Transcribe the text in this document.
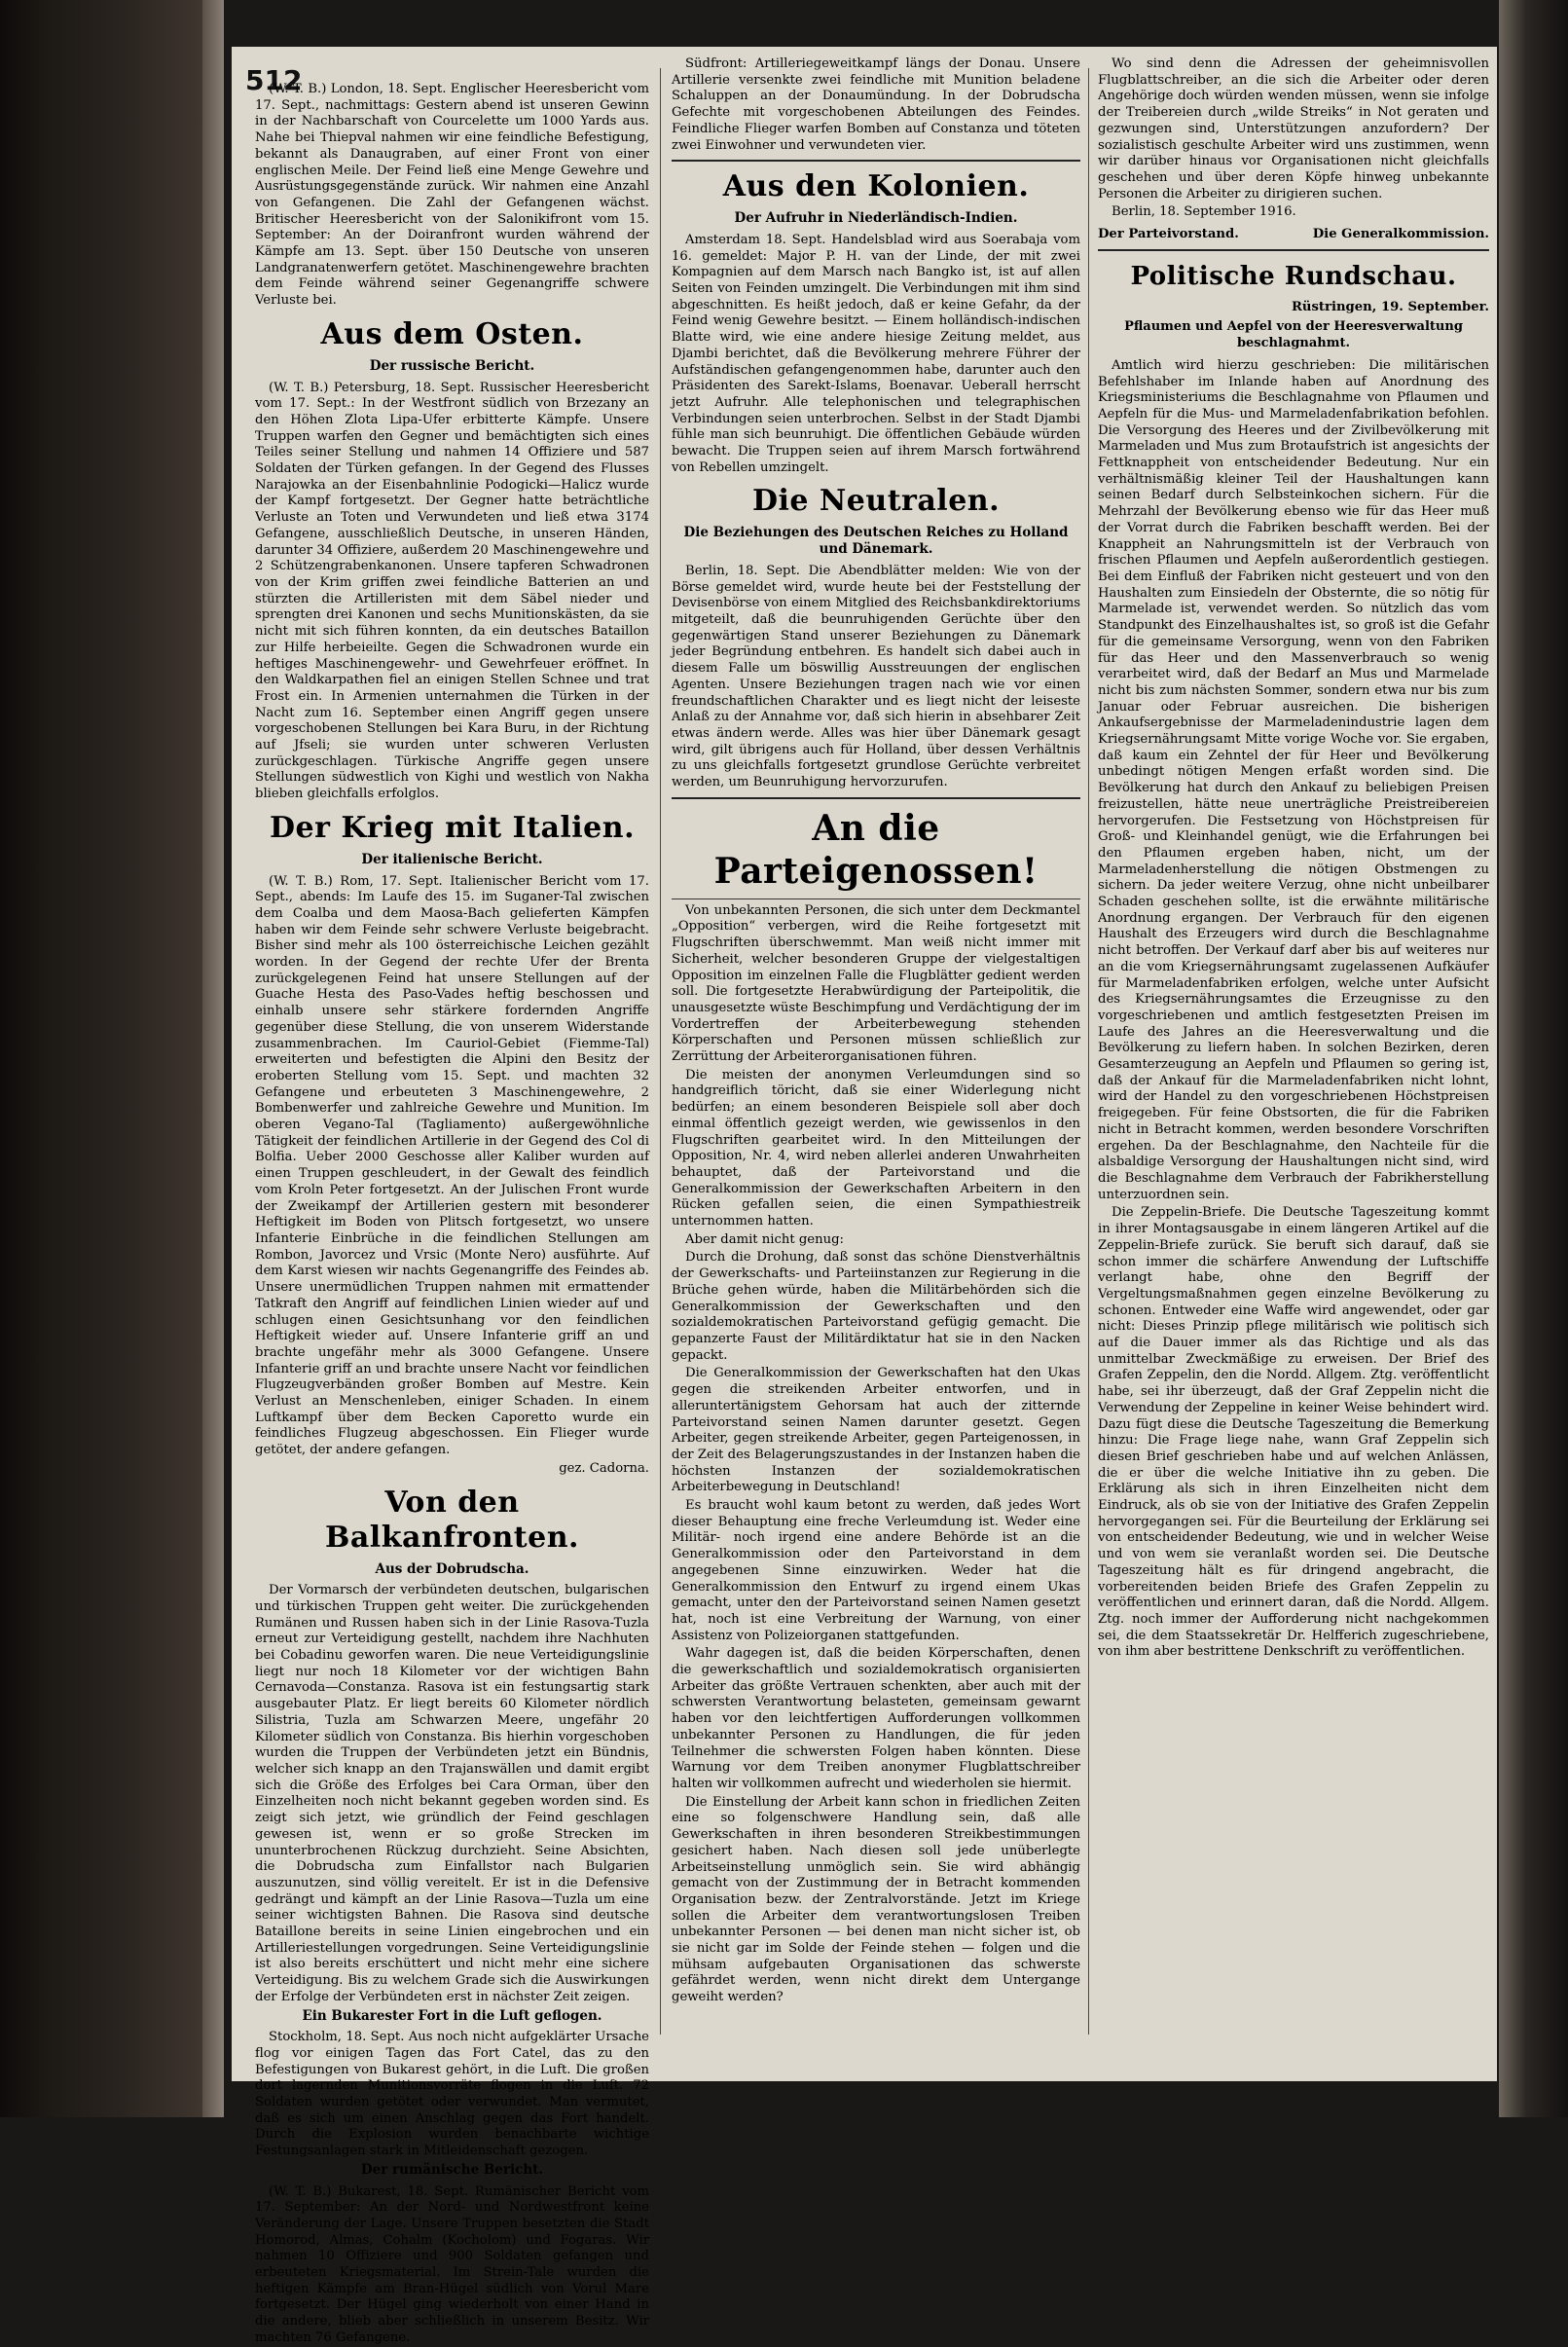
512

(W. T. B.) London, 18. Sept. Englischer Heeresbericht vom 17. Sept., nachmittags: Gestern abend ist unseren Gewinn in der Nachbarschaft von Courcelette um 1000 Yards aus. Nahe bei Thiepval nahmen wir eine feindliche Befestigung, bekannt als Danaugraben, auf einer Front von einer englischen Meile. Der Feind ließ eine Menge Gewehre und Ausrüstungsgegenstände zurück. Wir nahmen eine Anzahl von Gefangenen. Die Zahl der Gefangenen wächst. Britischer Heeresbericht von der Salonikifront vom 15. September: An der Doiranfront wurden während der Kämpfe am 13. Sept. über 150 Deutsche von unseren Landgranatenwerfern getötet. Maschinengewehre brachten dem Feinde während seiner Gegenangriffe schwere Verluste bei.

Aus dem Osten.
Der russische Bericht.

(W. T. B.) Petersburg, 18. Sept. Russischer Heeresbericht vom 17. Sept.: In der Westfront südlich von Brzezany an den Höhen Zlota Lipa-Ufer erbitterte Kämpfe. Unsere Truppen warfen den Gegner und bemächtigten sich eines Teiles seiner Stellung und nahmen 14 Offiziere und 587 Soldaten der Türken gefangen. In der Gegend des Flusses Narajowka an der Eisenbahnlinie Podogicki—Halicz wurde der Kampf fortgesetzt. Der Gegner hatte beträchtliche Verluste an Toten und Verwundeten und ließ etwa 3174 Gefangene, ausschließlich Deutsche, in unseren Händen, darunter 34 Offiziere, außerdem 20 Maschinengewehre und 2 Schützengrabenkanonen. Unsere tapferen Schwadronen von der Krim griffen zwei feindliche Batterien an und stürzten die Artilleristen mit dem Säbel nieder und sprengten drei Kanonen und sechs Munitionskästen, da sie nicht mit sich führen konnten, da ein deutsches Bataillon zur Hilfe herbeieilte. Gegen die Schwadronen wurde ein heftiges Maschinengewehr- und Gewehrfeuer eröffnet. In den Waldkarpathen fiel an einigen Stellen Schnee und trat Frost ein. In Armenien unternahmen die Türken in der Nacht zum 16. September einen Angriff gegen unsere vorgeschobenen Stellungen bei Kara Buru, in der Richtung auf Jfseli; sie wurden unter schweren Verlusten zurückgeschlagen. Türkische Angriffe gegen unsere Stellungen südwestlich von Kighi und westlich von Nakha blieben gleichfalls erfolglos.

Der Krieg mit Italien.
Der italienische Bericht.

(W. T. B.) Rom, 17. Sept. Italienischer Bericht vom 17. Sept., abends: Im Laufe des 15. im Suganer-Tal zwischen dem Coalba und dem Maosa-Bach gelieferten Kämpfen haben wir dem Feinde sehr schwere Verluste beigebracht. Bisher sind mehr als 100 österreichische Leichen gezählt worden. In der Gegend der rechte Ufer der Brenta zurückgelegenen Feind hat unsere Stellungen auf der Guache Hesta des Paso-Vades heftig beschossen und einhalb unsere sehr stärkere fordernden Angriffe gegenüber diese Stellung, die von unserem Widerstande zusammenbrachen. Im Cauriol-Gebiet (Fiemme-Tal) erweiterten und befestigten die Alpini den Besitz der eroberten Stellung vom 15. Sept. und machten 32 Gefangene und erbeuteten 3 Maschinengewehre, 2 Bombenwerfer und zahlreiche Gewehre und Munition. Im oberen Vegano-Tal (Tagliamento) außergewöhnliche Tätigkeit der feindlichen Artillerie in der Gegend des Col di Bolfia. Ueber 2000 Geschosse aller Kaliber wurden auf einen Truppen geschleudert, in der Gewalt des feindlich vom Kroln Peter fortgesetzt. An der Julischen Front wurde der Zweikampf der Artillerien gestern mit besonderer Heftigkeit im Boden von Plitsch fortgesetzt, wo unsere Infanterie Einbrüche in die feindlichen Stellungen am Rombon, Javorcez und Vrsic (Monte Nero) ausführte. Auf dem Karst wiesen wir nachts Gegenangriffe des Feindes ab. Unsere unermüdlichen Truppen nahmen mit ermattender Tatkraft den Angriff auf feindlichen Linien wieder auf und schlugen einen Gesichtsunhang vor den feindlichen Heftigkeit wieder auf. Unsere Infanterie griff an und brachte ungefähr mehr als 3000 Gefangene. Unsere Infanterie griff an und brachte unsere Nacht vor feindlichen Flugzeugverbänden großer Bomben auf Mestre. Kein Verlust an Menschenleben, einiger Schaden. In einem Luftkampf über dem Becken Caporetto wurde ein feindliches Flugzeug abgeschossen. Ein Flieger wurde getötet, der andere gefangen.

gez. Cadorna.
Von den Balkanfronten.
Aus der Dobrudscha.

Der Vormarsch der verbündeten deutschen, bulgarischen und türkischen Truppen geht weiter. Die zurückgehenden Rumänen und Russen haben sich in der Linie Rasova-Tuzla erneut zur Verteidigung gestellt, nachdem ihre Nachhuten bei Cobadinu geworfen waren. Die neue Verteidigungslinie liegt nur noch 18 Kilometer vor der wichtigen Bahn Cernavoda—Constanza. Rasova ist ein festungsartig stark ausgebauter Platz. Er liegt bereits 60 Kilometer nördlich Silistria, Tuzla am Schwarzen Meere, ungefähr 20 Kilometer südlich von Constanza. Bis hierhin vorgeschoben wurden die Truppen der Verbündeten jetzt ein Bündnis, welcher sich knapp an den Trajanswällen und damit ergibt sich die Größe des Erfolges bei Cara Orman, über den Einzelheiten noch nicht bekannt gegeben worden sind. Es zeigt sich jetzt, wie gründlich der Feind geschlagen gewesen ist, wenn er so große Strecken im ununterbrochenen Rückzug durchzieht. Seine Absichten, die Dobrudscha zum Einfallstor nach Bulgarien auszunutzen, sind völlig vereitelt. Er ist in die Defensive gedrängt und kämpft an der Linie Rasova—Tuzla um eine seiner wichtigsten Bahnen. Die Rasova sind deutsche Bataillone bereits in seine Linien eingebrochen und ein Artilleriestellungen vorgedrungen. Seine Verteidigungslinie ist also bereits erschüttert und nicht mehr eine sichere Verteidigung. Bis zu welchem Grade sich die Auswirkungen der Erfolge der Verbündeten erst in nächster Zeit zeigen.

Ein Bukarester Fort in die Luft geflogen.

Stockholm, 18. Sept. Aus noch nicht aufgeklärter Ursache flog vor einigen Tagen das Fort Catel, das zu den Befestigungen von Bukarest gehört, in die Luft. Die großen dort lagernden Munitionsvorräte flogen in die Luft. 72 Soldaten wurden getötet oder verwundet. Man vermutet, daß es sich um einen Anschlag gegen das Fort handelt. Durch die Explosion wurden benachbarte wichtige Festungsanlagen stark in Mitleidenschaft gezogen.

Der rumänische Bericht.

(W. T. B.) Bukarest, 18. Sept. Rumänischer Bericht vom 17. September: An der Nord- und Nordwestfront keine Veränderung der Lage. Unsere Truppen besetzten die Stadt Homorod, Almas, Cohalm (Kocholom) und Fogaras. Wir nahmen 10 Offiziere und 900 Soldaten gefangen und erbeuteten Kriegsmaterial. Im Strein-Tale wurden die heftigen Kämpfe am Bran-Hügel südlich von Vorul Mare fortgesetzt. Der Hügel ging wiederholt von einer Hand in die andere, blieb aber schließlich in unserem Besitz. Wir machten 76 Gefangene.

Südfront: Artilleriegeweitkampf längs der Donau. Unsere Artillerie versenkte zwei feindliche mit Munition beladene Schaluppen an der Donaumündung. In der Dobrudscha Gefechte mit vorgeschobenen Abteilungen des Feindes. Feindliche Flieger warfen Bomben auf Constanza und töteten zwei Einwohner und verwundeten vier.

Aus den Kolonien.
Der Aufruhr in Niederländisch-Indien.

Amsterdam 18. Sept. Handelsblad wird aus Soerabaja vom 16. gemeldet: Major P. H. van der Linde, der mit zwei Kompagnien auf dem Marsch nach Bangko ist, ist auf allen Seiten von Feinden umzingelt. Die Verbindungen mit ihm sind abgeschnitten. Es heißt jedoch, daß er keine Gefahr, da der Feind wenig Gewehre besitzt. — Einem holländisch-indischen Blatte wird, wie eine andere hiesige Zeitung meldet, aus Djambi berichtet, daß die Bevölkerung mehrere Führer der Aufständischen gefangengenommen habe, darunter auch den Präsidenten des Sarekt-Islams, Boenavar. Ueberall herrscht jetzt Aufruhr. Alle telephonischen und telegraphischen Verbindungen seien unterbrochen. Selbst in der Stadt Djambi fühle man sich beunruhigt. Die öffentlichen Gebäude würden bewacht. Die Truppen seien auf ihrem Marsch fortwährend von Rebellen umzingelt.

Die Neutralen.
Die Beziehungen des Deutschen Reiches zu Holland und Dänemark.

Berlin, 18. Sept. Die Abendblätter melden: Wie von der Börse gemeldet wird, wurde heute bei der Feststellung der Devisenbörse von einem Mitglied des Reichsbankdirektoriums mitgeteilt, daß die beunruhigenden Gerüchte über den gegenwärtigen Stand unserer Beziehungen zu Dänemark jeder Begründung entbehren. Es handelt sich dabei auch in diesem Falle um böswillig Ausstreuungen der englischen Agenten. Unsere Beziehungen tragen nach wie vor einen freundschaftlichen Charakter und es liegt nicht der leiseste Anlaß zu der Annahme vor, daß sich hierin in absehbarer Zeit etwas ändern werde. Alles was hier über Dänemark gesagt wird, gilt übrigens auch für Holland, über dessen Verhältnis zu uns gleichfalls fortgesetzt grundlose Gerüchte verbreitet werden, um Beunruhigung hervorzurufen.

An die Parteigenossen!

Von unbekannten Personen, die sich unter dem Deckmantel „Opposition“ verbergen, wird die Reihe fortgesetzt mit Flugschriften überschwemmt. Man weiß nicht immer mit Sicherheit, welcher besonderen Gruppe der vielgestaltigen Opposition im einzelnen Falle die Flugblätter gedient werden soll. Die fortgesetzte Herabwürdigung der Parteipolitik, die unausgesetzte wüste Beschimpfung und Verdächtigung der im Vordertreffen der Arbeiterbewegung stehenden Körperschaften und Personen müssen schließlich zur Zerrüttung der Arbeiterorganisationen führen.

Die meisten der anonymen Verleumdungen sind so handgreiflich töricht, daß sie einer Widerlegung nicht bedürfen; an einem besonderen Beispiele soll aber doch einmal öffentlich gezeigt werden, wie gewissenlos in den Flugschriften gearbeitet wird. In den Mitteilungen der Opposition, Nr. 4, wird neben allerlei anderen Unwahrheiten behauptet, daß der Parteivorstand und die Generalkommission der Gewerkschaften Arbeitern in den Rücken gefallen seien, die einen Sympathiestreik unternommen hatten.

Aber damit nicht genug:

Durch die Drohung, daß sonst das schöne Dienstverhältnis der Gewerkschafts- und Parteiinstanzen zur Regierung in die Brüche gehen würde, haben die Militärbehörden sich die Generalkommission der Gewerkschaften und den sozialdemokratischen Parteivorstand gefügig gemacht. Die gepanzerte Faust der Militärdiktatur hat sie in den Nacken gepackt.

Die Generalkommission der Gewerkschaften hat den Ukas gegen die streikenden Arbeiter entworfen, und in alleruntertänigstem Gehorsam hat auch der zitternde Parteivorstand seinen Namen darunter gesetzt. Gegen Arbeiter, gegen streikende Arbeiter, gegen Parteigenossen, in der Zeit des Belagerungszustandes in der Instanzen haben die höchsten Instanzen der sozialdemokratischen Arbeiterbewegung in Deutschland!

Es braucht wohl kaum betont zu werden, daß jedes Wort dieser Behauptung eine freche Verleumdung ist. Weder eine Militär- noch irgend eine andere Behörde ist an die Generalkommission oder den Parteivorstand in dem angegebenen Sinne einzuwirken. Weder hat die Generalkommission den Entwurf zu irgend einem Ukas gemacht, unter den der Parteivorstand seinen Namen gesetzt hat, noch ist eine Verbreitung der Warnung, von einer Assistenz von Polizeiorganen stattgefunden.

Wahr dagegen ist, daß die beiden Körperschaften, denen die gewerkschaftlich und sozialdemokratisch organisierten Arbeiter das größte Vertrauen schenkten, aber auch mit der schwersten Verantwortung belasteten, gemeinsam gewarnt haben vor den leichtfertigen Aufforderungen vollkommen unbekannter Personen zu Handlungen, die für jeden Teilnehmer die schwersten Folgen haben könnten. Diese Warnung vor dem Treiben anonymer Flugblattschreiber halten wir vollkommen aufrecht und wiederholen sie hiermit.

Die Einstellung der Arbeit kann schon in friedlichen Zeiten eine so folgenschwere Handlung sein, daß alle Gewerkschaften in ihren besonderen Streikbestimmungen gesichert haben. Nach diesen soll jede unüberlegte Arbeitseinstellung unmöglich sein. Sie wird abhängig gemacht von der Zustimmung der in Betracht kommenden Organisation bezw. der Zentralvorstände. Jetzt im Kriege sollen die Arbeiter dem verantwortungslosen Treiben unbekannter Personen — bei denen man nicht sicher ist, ob sie nicht gar im Solde der Feinde stehen — folgen und die mühsam aufgebauten Organisationen das schwerste gefährdet werden, wenn nicht direkt dem Untergange geweiht werden?

Wo sind denn die Adressen der geheimnisvollen Flugblattschreiber, an die sich die Arbeiter oder deren Angehörige doch würden wenden müssen, wenn sie infolge der Treibereien durch „wilde Streiks“ in Not geraten und gezwungen sind, Unterstützungen anzufordern? Der sozialistisch geschulte Arbeiter wird uns zustimmen, wenn wir darüber hinaus vor Organisationen nicht gleichfalls geschehen und über deren Köpfe hinweg unbekannte Personen die Arbeiter zu dirigieren suchen.

Berlin, 18. September 1916.

Der Parteivorstand.	Die Generalkommission.
Politische Rundschau.
Rüstringen, 19. September.
Pflaumen und Aepfel von der Heeresverwaltung beschlagnahmt.

Amtlich wird hierzu geschrieben: Die militärischen Befehlshaber im Inlande haben auf Anordnung des Kriegsministeriums die Beschlagnahme von Pflaumen und Aepfeln für die Mus- und Marmeladenfabrikation befohlen. Die Versorgung des Heeres und der Zivilbevölkerung mit Marmeladen und Mus zum Brotaufstrich ist angesichts der Fettknappheit von entscheidender Bedeutung. Nur ein verhältnismäßig kleiner Teil der Haushaltungen kann seinen Bedarf durch Selbsteinkochen sichern. Für die Mehrzahl der Bevölkerung ebenso wie für das Heer muß der Vorrat durch die Fabriken beschafft werden. Bei der Knappheit an Nahrungsmitteln ist der Verbrauch von frischen Pflaumen und Aepfeln außerordentlich gestiegen. Bei dem Einfluß der Fabriken nicht gesteuert und von den Haushalten zum Einsiedeln der Obsternte, die so nötig für Marmelade ist, verwendet werden. So nützlich das vom Standpunkt des Einzelhaushaltes ist, so groß ist die Gefahr für die gemeinsame Versorgung, wenn von den Fabriken für das Heer und den Massenverbrauch so wenig verarbeitet wird, daß der Bedarf an Mus und Marmelade nicht bis zum nächsten Sommer, sondern etwa nur bis zum Januar oder Februar ausreichen. Die bisherigen Ankaufsergebnisse der Marmeladenindustrie lagen dem Kriegsernährungsamt Mitte vorige Woche vor. Sie ergaben, daß kaum ein Zehntel der für Heer und Bevölkerung unbedingt nötigen Mengen erfaßt worden sind. Die Bevölkerung hat durch den Ankauf zu beliebigen Preisen freizustellen, hätte neue unerträgliche Preistreibereien hervorgerufen. Die Festsetzung von Höchstpreisen für Groß- und Kleinhandel genügt, wie die Erfahrungen bei den Pflaumen ergeben haben, nicht, um der Marmeladenherstellung die nötigen Obstmengen zu sichern. Da jeder weitere Verzug, ohne nicht unbeilbarer Schaden geschehen sollte, ist die erwähnte militärische Anordnung ergangen. Der Verbrauch für den eigenen Haushalt des Erzeugers wird durch die Beschlagnahme nicht betroffen. Der Verkauf darf aber bis auf weiteres nur an die vom Kriegsernährungsamt zugelassenen Aufkäufer für Marmeladenfabriken erfolgen, welche unter Aufsicht des Kriegsernährungsamtes die Erzeugnisse zu den vorgeschriebenen und amtlich festgesetzten Preisen im Laufe des Jahres an die Heeresverwaltung und die Bevölkerung zu liefern haben. In solchen Bezirken, deren Gesamterzeugung an Aepfeln und Pflaumen so gering ist, daß der Ankauf für die Marmeladenfabriken nicht lohnt, wird der Handel zu den vorgeschriebenen Höchstpreisen freigegeben. Für feine Obstsorten, die für die Fabriken nicht in Betracht kommen, werden besondere Vorschriften ergehen. Da der Beschlagnahme, den Nachteile für die alsbaldige Versorgung der Haushaltungen nicht sind, wird die Beschlagnahme dem Verbrauch der Fabrikherstellung unterzuordnen sein.

Die Zeppelin-Briefe. Die Deutsche Tageszeitung kommt in ihrer Montagsausgabe in einem längeren Artikel auf die Zeppelin-Briefe zurück. Sie beruft sich darauf, daß sie schon immer die schärfere Anwendung der Luftschiffe verlangt habe, ohne den Begriff der Vergeltungsmaßnahmen gegen einzelne Bevölkerung zu schonen. Entweder eine Waffe wird angewendet, oder gar nicht: Dieses Prinzip pflege militärisch wie politisch sich auf die Dauer immer als das Richtige und als das unmittelbar Zweckmäßige zu erweisen. Der Brief des Grafen Zeppelin, den die Nordd. Allgem. Ztg. veröffentlicht habe, sei ihr überzeugt, daß der Graf Zeppelin nicht die Verwendung der Zeppeline in keiner Weise behindert wird. Dazu fügt diese die Deutsche Tageszeitung die Bemerkung hinzu: Die Frage liege nahe, wann Graf Zeppelin sich diesen Brief geschrieben habe und auf welchen Anlässen, die er über die welche Initiative ihn zu geben. Die Erklärung als sich in ihren Einzelheiten nicht dem Eindruck, als ob sie von der Initiative des Grafen Zeppelin hervorgegangen sei. Für die Beurteilung der Erklärung sei von entscheidender Bedeutung, wie und in welcher Weise und von wem sie veranlaßt worden sei. Die Deutsche Tageszeitung hält es für dringend angebracht, die vorbereitenden beiden Briefe des Grafen Zeppelin zu veröffentlichen und erinnert daran, daß die Nordd. Allgem. Ztg. noch immer der Aufforderung nicht nachgekommen sei, die dem Staatssekretär Dr. Helfferich zugeschriebene, von ihm aber bestrittene Denkschrift zu veröffentlichen.
